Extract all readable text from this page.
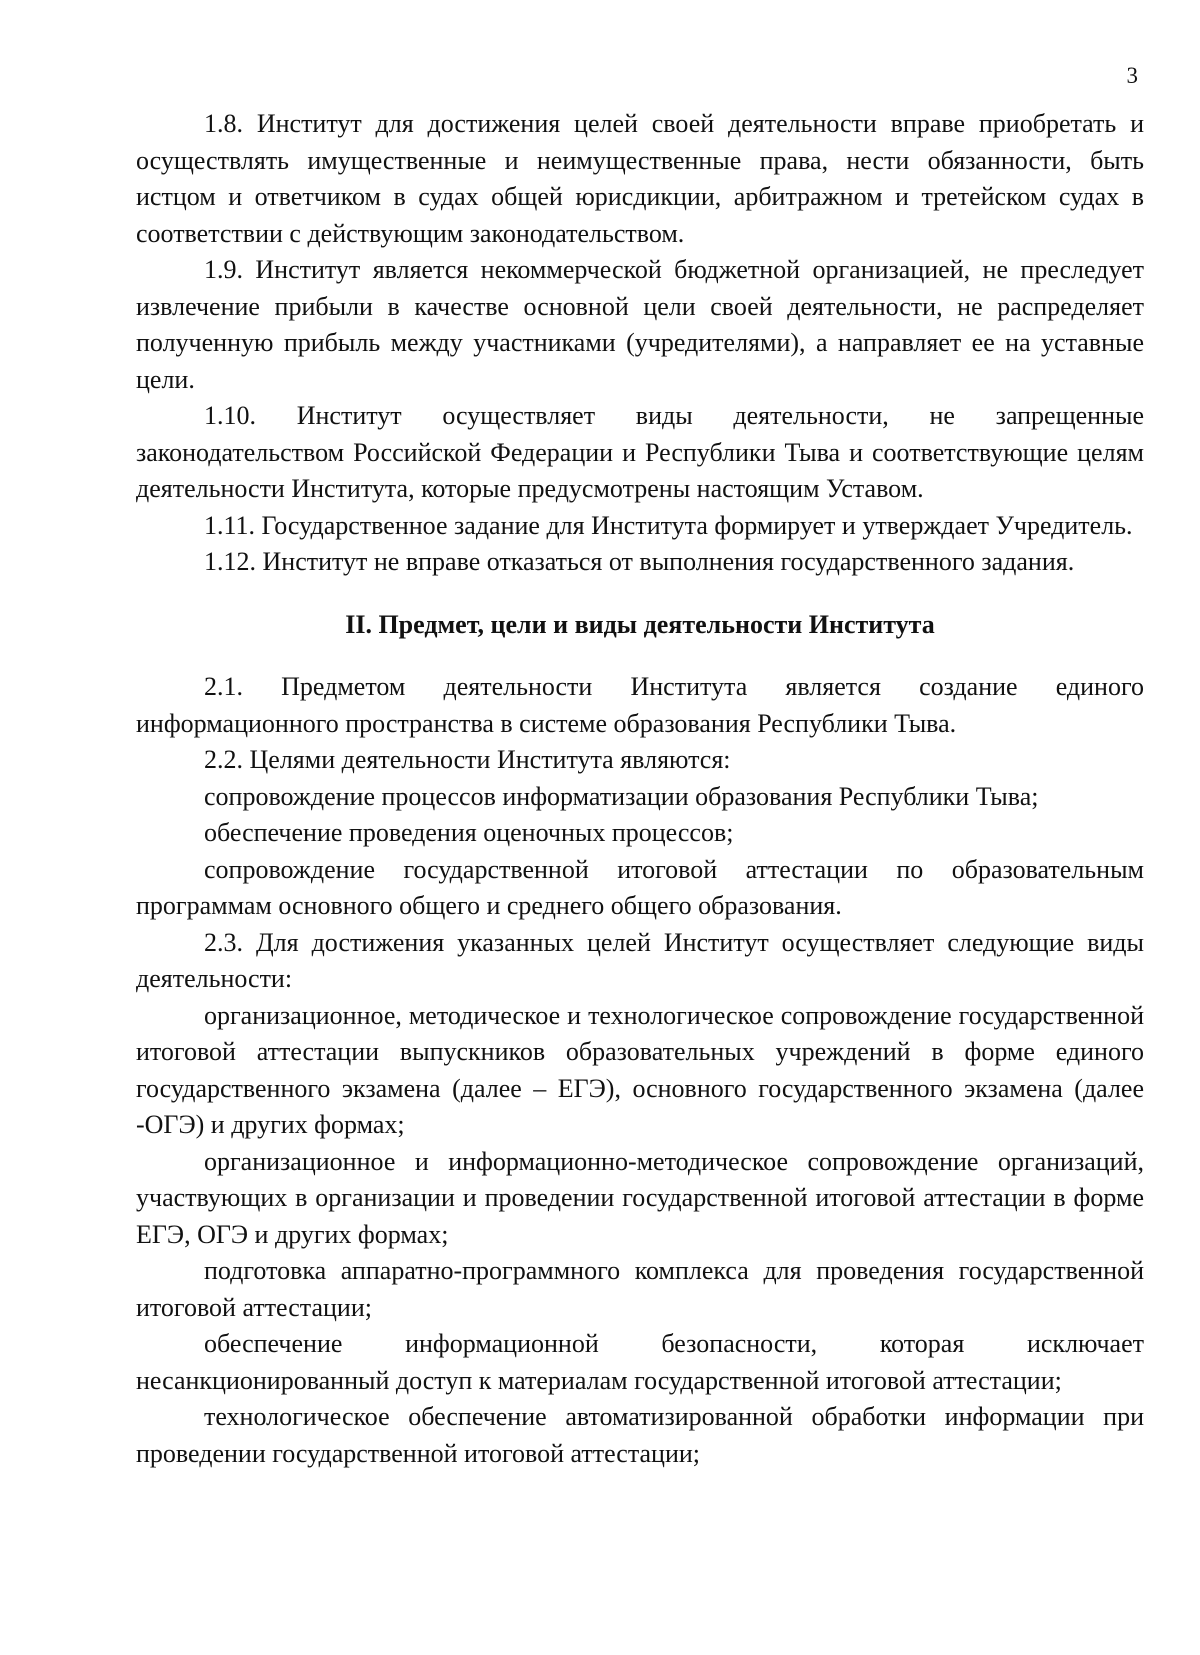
3

1.8. Институт для достижения целей своей деятельности вправе приобретать и осуществлять имущественные и неимущественные права, нести обязанности, быть истцом и ответчиком в судах общей юрисдикции, арбитражном и третейском судах в соответствии с действующим законодательством.

1.9. Институт является некоммерческой бюджетной организацией, не преследует извлечение прибыли в качестве основной цели своей деятельности, не распределяет полученную прибыль между участниками (учредителями), а направляет ее на уставные цели.

1.10. Институт осуществляет виды деятельности, не запрещенные законодательством Российской Федерации и Республики Тыва и соответствующие целям деятельности Института, которые предусмотрены настоящим Уставом.

1.11. Государственное задание для Института формирует и утверждает Учредитель.

1.12. Институт не вправе отказаться от выполнения государственного задания.

II. Предмет, цели и виды деятельности Института

2.1. Предметом деятельности Института является создание единого информационного пространства в системе образования Республики Тыва.

2.2. Целями деятельности Института являются:

сопровождение процессов информатизации образования Республики Тыва;

обеспечение проведения оценочных процессов;

сопровождение государственной итоговой аттестации по образовательным программам основного общего и среднего общего образования.

2.3. Для достижения указанных целей Институт осуществляет следующие виды деятельности:

организационное, методическое и технологическое сопровождение государственной итоговой аттестации выпускников образовательных учреждений в форме единого государственного экзамена (далее – ЕГЭ), основного государственного экзамена (далее -ОГЭ) и других формах;

организационное и информационно-методическое сопровождение организаций, участвующих в организации и проведении государственной итоговой аттестации в форме ЕГЭ, ОГЭ и других формах;

подготовка аппаратно-программного комплекса для проведения государственной итоговой аттестации;

обеспечение информационной безопасности, которая исключает несанкционированный доступ к материалам государственной итоговой аттестации;

технологическое обеспечение автоматизированной обработки информации при проведении государственной итоговой аттестации;
